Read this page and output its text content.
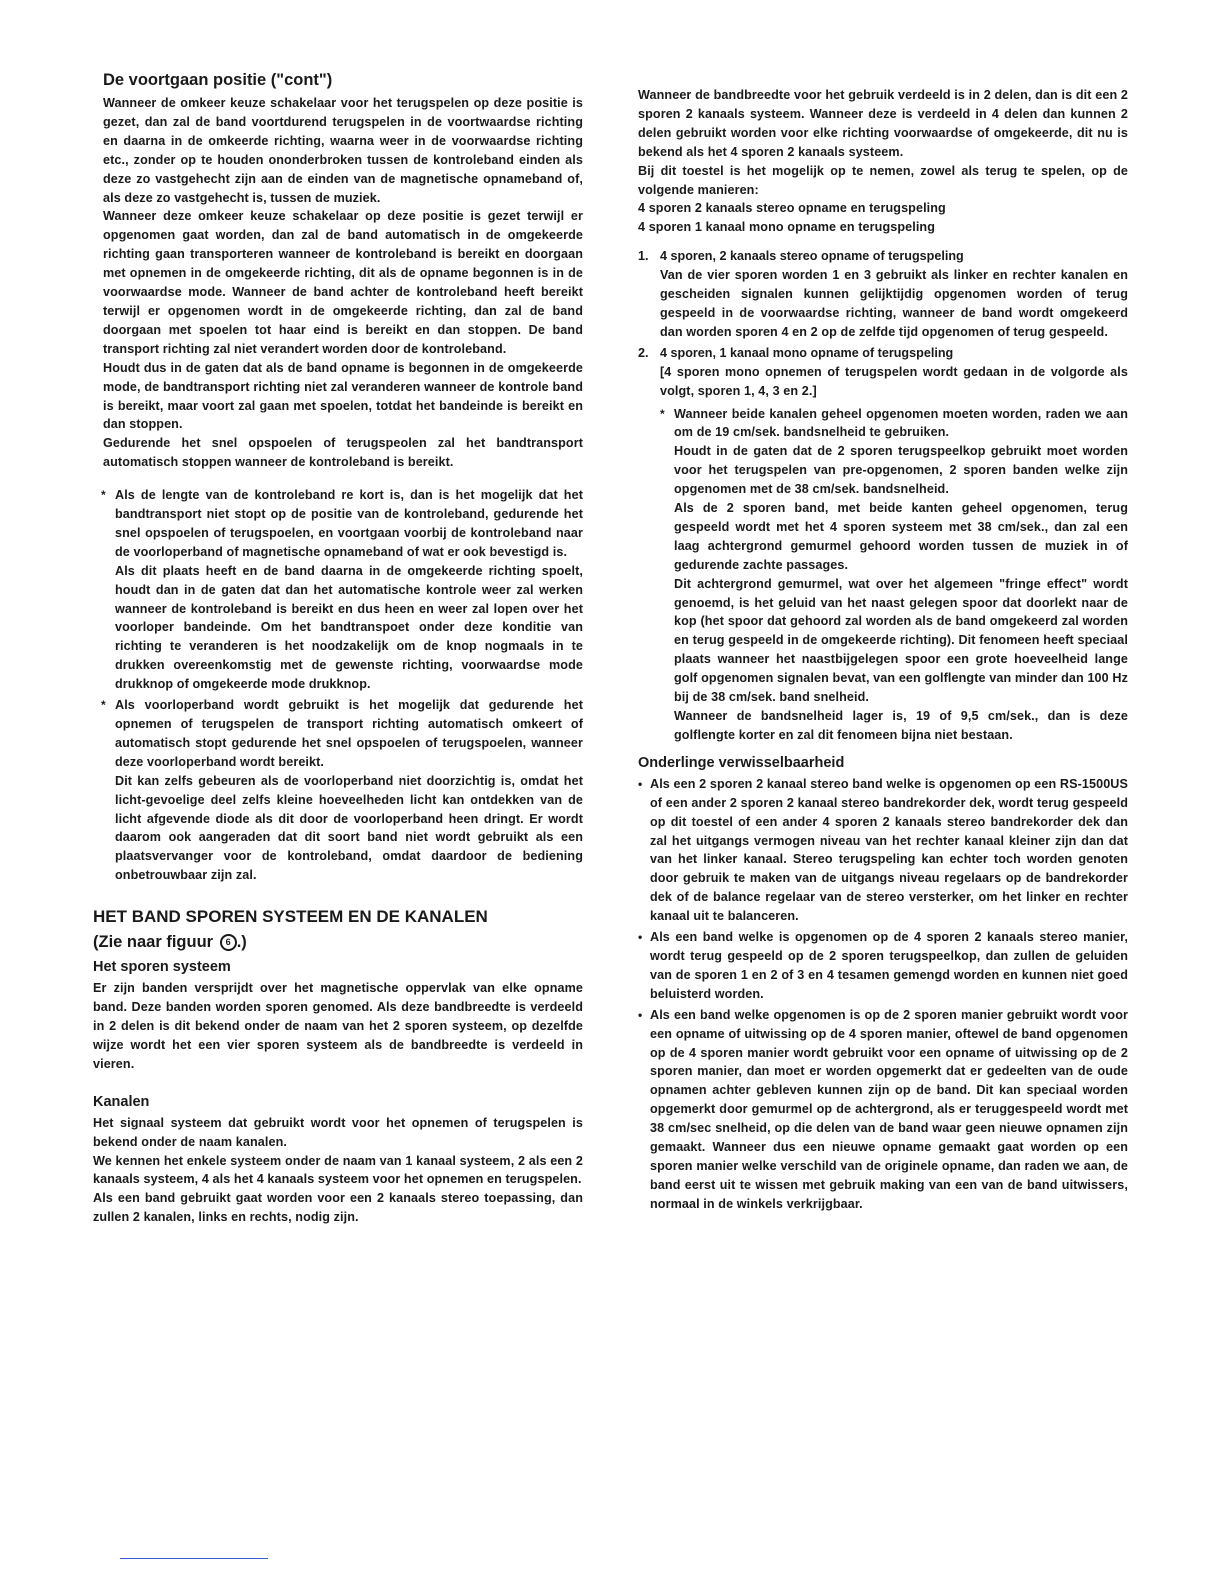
De voortgaan positie ("cont")

Wanneer de omkeer keuze schakelaar voor het terugspelen op deze positie is gezet, dan zal de band voortdurend terugspelen in de voortwaardse richting en daarna in de omkeerde richting, waarna weer in de voorwaardse richting etc., zonder op te houden ononderbroken tussen de kontroleband einden als deze zo vastgehecht zijn aan de einden van de magnetische opnameband of, als deze zo vastgehecht is, tussen de muziek.

Wanneer deze omkeer keuze schakelaar op deze positie is gezet terwijl er opgenomen gaat worden, dan zal de band automatisch in de omgekeerde richting gaan transporteren wanneer de kontroleband is bereikt en doorgaan met opnemen in de omgekeerde richting, dit als de opname begonnen is in de voorwaardse mode. Wanneer de band achter de kontroleband heeft bereikt terwijl er opgenomen wordt in de omgekeerde richting, dan zal de band doorgaan met spoelen tot haar eind is bereikt en dan stoppen. De band transport richting zal niet verandert worden door de kontroleband.

Houdt dus in de gaten dat als de band opname is begonnen in de omgekeerde mode, de bandtransport richting niet zal veranderen wanneer de kontrole band is bereikt, maar voort zal gaan met spoelen, totdat het bandeinde is bereikt en dan stoppen.

Gedurende het snel opspoelen of terugspeolen zal het bandtransport automatisch stoppen wanneer de kontroleband is bereikt.

* Als de lengte van de kontroleband re kort is, dan is het mogelijk dat het bandtransport niet stopt op de positie van de kontroleband, gedurende het snel opspoelen of terugspoelen, en voortgaan voorbij de kontroleband naar de voorloperband of magnetische opnameband of wat er ook bevestigd is.

Als dit plaats heeft en de band daarna in de omgekeerde richting spoelt, houdt dan in de gaten dat dan het automatische kontrole weer zal werken wanneer de kontroleband is bereikt en dus heen en weer zal lopen over het voorloper bandeinde. Om het bandtranspoet onder deze konditie van richting te veranderen is het noodzakelijk om de knop nogmaals in te drukken overeenkomstig met de gewenste richting, voorwaardse mode drukknop of omgekeerde mode drukknop.

* Als voorloperband wordt gebruikt is het mogelijk dat gedurende het opnemen of terugspelen de transport richting automatisch omkeert of automatisch stopt gedurende het snel opspoelen of terugspoelen, wanneer deze voorloperband wordt bereikt.

Dit kan zelfs gebeuren als de voorloperband niet doorzichtig is, omdat het licht-gevoelige deel zelfs kleine hoeveelheden licht kan ontdekken van de licht afgevende diode als dit door de voorloperband heen dringt. Er wordt daarom ook aangeraden dat dit soort band niet wordt gebruikt als een plaatsvervanger voor de kontroleband, omdat daardoor de bediening onbetrouwbaar zijn zal.

HET BAND SPOREN SYSTEEM EN DE KANALEN
(Zie naar figuur 6 .)
Het sporen systeem

Er zijn banden versprijdt over het magnetische oppervlak van elke opname band. Deze banden worden sporen genomed. Als deze bandbreedte is verdeeld in 2 delen is dit bekend onder de naam van het 2 sporen systeem, op dezelfde wijze wordt het een vier sporen systeem als de bandbreedte is verdeeld in vieren.

Kanalen

Het signaal systeem dat gebruikt wordt voor het opnemen of terugspelen is bekend onder de naam kanalen.

We kennen het enkele systeem onder de naam van 1 kanaal systeem, 2 als een 2 kanaals systeem, 4 als het 4 kanaals systeem voor het opnemen en terugspelen.

Als een band gebruikt gaat worden voor een 2 kanaals stereo toepassing, dan zullen 2 kanalen, links en rechts, nodig zijn.

Wanneer de bandbreedte voor het gebruik verdeeld is in 2 delen, dan is dit een 2 sporen 2 kanaals systeem. Wanneer deze is verdeeld in 4 delen dan kunnen 2 delen gebruikt worden voor elke richting voorwaardse of omgekeerde, dit nu is bekend als het 4 sporen 2 kanaals systeem.

Bij dit toestel is het mogelijk op te nemen, zowel als terug te spelen, op de volgende manieren:

4 sporen 2 kanaals stereo opname en terugspeling

4 sporen 1 kanaal mono opname en terugspeling

1. 4 sporen, 2 kanaals stereo opname of terugspeling

Van de vier sporen worden 1 en 3 gebruikt als linker en rechter kanalen en gescheiden signalen kunnen gelijktijdig opgenomen worden of terug gespeeld in de voorwaardse richting, wanneer de band wordt omgekeerd dan worden sporen 4 en 2 op de zelfde tijd opgenomen of terug gespeeld.

2. 4 sporen, 1 kanaal mono opname of terugspeling

[4 sporen mono opnemen of terugspelen wordt gedaan in de volgorde als volgt, sporen 1, 4, 3 en 2.]

* Wanneer beide kanalen geheel opgenomen moeten worden, raden we aan om de 19 cm/sek. bandsnelheid te gebruiken.

Houdt in de gaten dat de 2 sporen terugspeelkop gebruikt moet worden voor het terugspelen van pre-opgenomen, 2 sporen banden welke zijn opgenomen met de 38 cm/sek. bandsnelheid.

Als de 2 sporen band, met beide kanten geheel opgenomen, terug gespeeld wordt met het 4 sporen systeem met 38 cm/sek., dan zal een laag achtergrond gemurmel gehoord worden tussen de muziek in of gedurende zachte passages.

Dit achtergrond gemurmel, wat over het algemeen "fringe effect" wordt genoemd, is het geluid van het naast gelegen spoor dat doorlekt naar de kop (het spoor dat gehoord zal worden als de band omgekeerd zal worden en terug gespeeld in de omgekeerde richting). Dit fenomeen heeft speciaal plaats wanneer het naastbijgelegen spoor een grote hoeveelheid lange golf opgenomen signalen bevat, van een golflengte van minder dan 100 Hz bij de 38 cm/sek. band snelheid.

Wanneer de bandsnelheid lager is, 19 of 9,5 cm/sek., dan is deze golflengte korter en zal dit fenomeen bijna niet bestaan.

Onderlinge verwisselbaarheid
• Als een 2 sporen 2 kanaal stereo band welke is opgenomen op een RS-1500US of een ander 2 sporen 2 kanaal stereo bandrekorder dek, wordt terug gespeeld op dit toestel of een ander 4 sporen 2 kanaals stereo bandrekorder dek dan zal het uitgangs vermogen niveau van het rechter kanaal kleiner zijn dan dat van het linker kanaal. Stereo terugspeling kan echter toch worden genoten door gebruik te maken van de uitgangs niveau regelaars op de bandrekorder dek of de balance regelaar van de stereo versterker, om het linker en rechter kanaal uit te balanceren.

• Als een band welke is opgenomen op de 4 sporen 2 kanaals stereo manier, wordt terug gespeeld op de 2 sporen terugspeelkop, dan zullen de geluiden van de sporen 1 en 2 of 3 en 4 tesamen gemengd worden en kunnen niet goed beluisterd worden.

• Als een band welke opgenomen is op de 2 sporen manier gebruikt wordt voor een opname of uitwissing op de 4 sporen manier, oftewel de band opgenomen op de 4 sporen manier wordt gebruikt voor een opname of uitwissing op de 2 sporen manier, dan moet er worden opgemerkt dat er gedeelten van de oude opnamen achter gebleven kunnen zijn op de band. Dit kan speciaal worden opgemerkt door gemurmel op de achtergrond, als er teruggespeeld wordt met 38 cm/sec snelheid, op die delen van de band waar geen nieuwe opnamen zijn gemaakt. Wanneer dus een nieuwe opname gemaakt gaat worden op een sporen manier welke verschild van de originele opname, dan raden we aan, de band eerst uit te wissen met gebruik making van een van de band uitwissers, normaal in de winkels verkrijgbaar.
